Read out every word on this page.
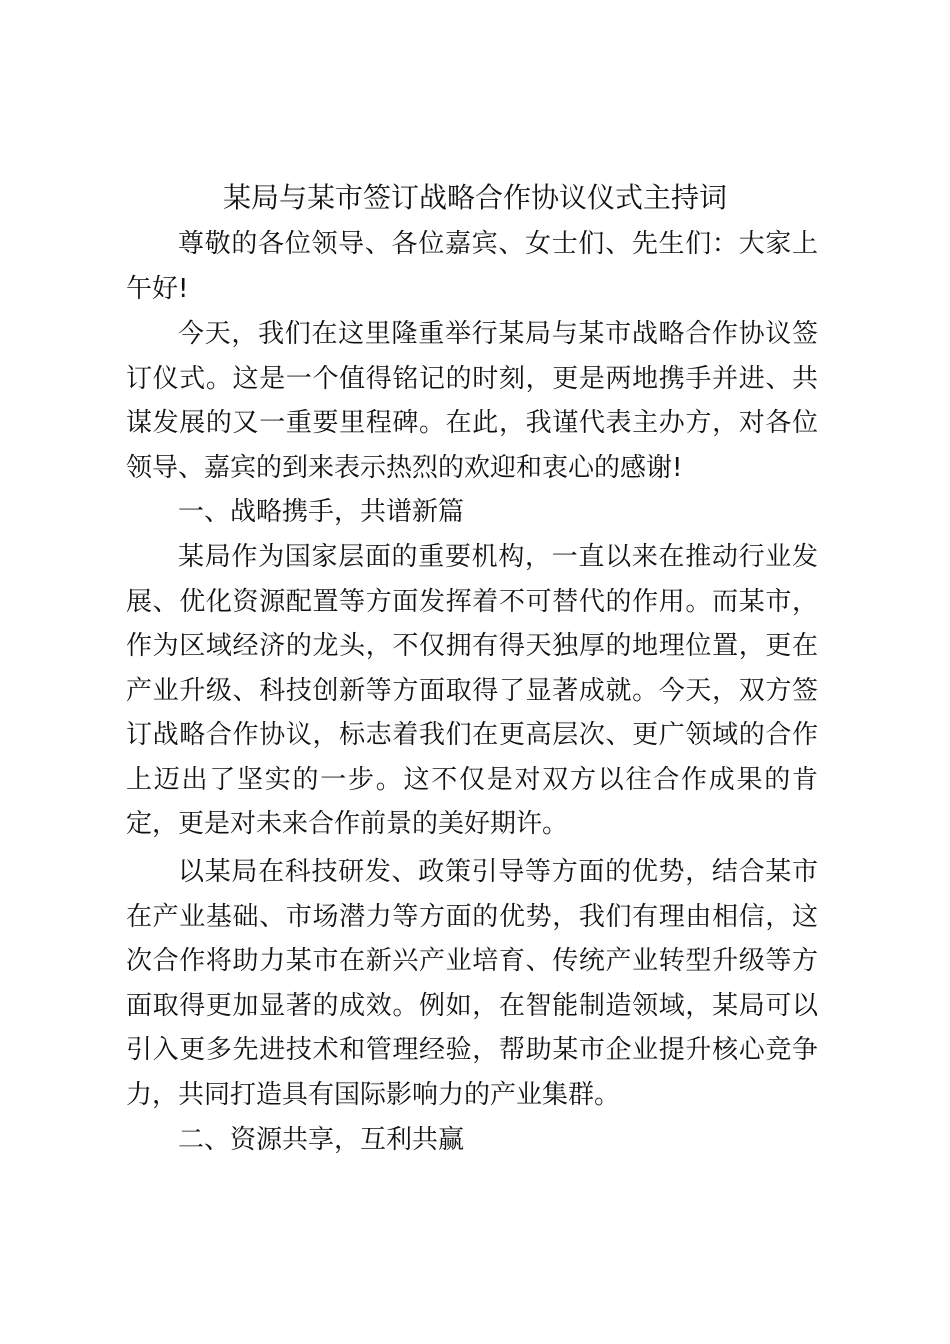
某局与某市签订战略合作协议仪式主持词

尊敬的各位领导、各位嘉宾、女士们、先生们：大家上午好!

今天，我们在这里隆重举行某局与某市战略合作协议签订仪式。这是一个值得铭记的时刻，更是两地携手并进、共谋发展的又一重要里程碑。在此，我谨代表主办方，对各位领导、嘉宾的到来表示热烈的欢迎和衷心的感谢!

一、战略携手，共谱新篇

某局作为国家层面的重要机构，一直以来在推动行业发展、优化资源配置等方面发挥着不可替代的作用。而某市，作为区域经济的龙头，不仅拥有得天独厚的地理位置，更在产业升级、科技创新等方面取得了显著成就。今天，双方签订战略合作协议，标志着我们在更高层次、更广领域的合作上迈出了坚实的一步。这不仅是对双方以往合作成果的肯定，更是对未来合作前景的美好期许。

以某局在科技研发、政策引导等方面的优势，结合某市在产业基础、市场潜力等方面的优势，我们有理由相信，这次合作将助力某市在新兴产业培育、传统产业转型升级等方面取得更加显著的成效。例如，在智能制造领域，某局可以引入更多先进技术和管理经验，帮助某市企业提升核心竞争力，共同打造具有国际影响力的产业集群。

二、资源共享，互利共赢
